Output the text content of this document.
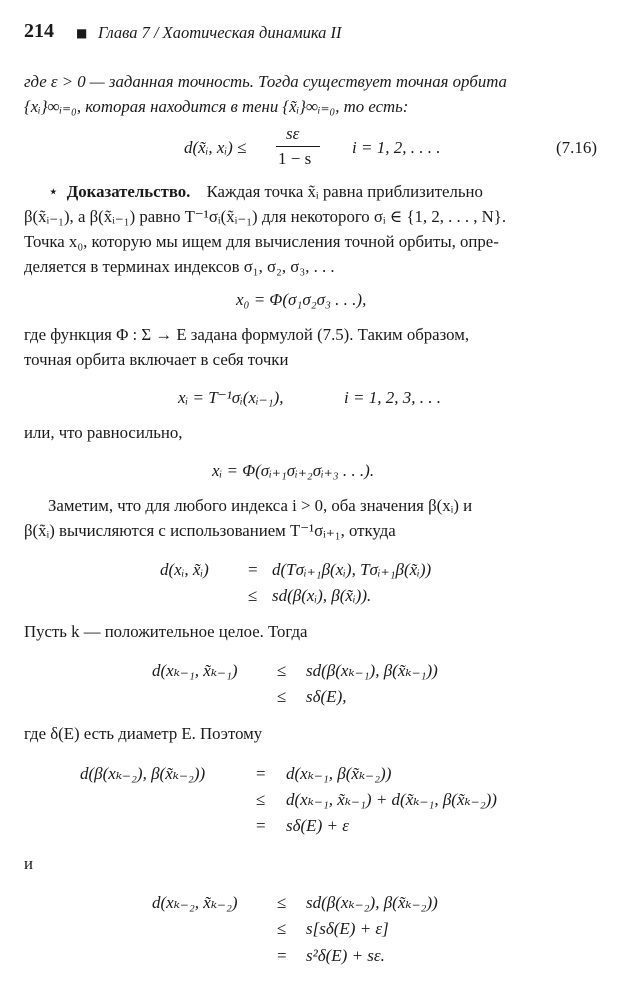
214 ■ Глава 7 / Хаотическая динамика II
где ε > 0 — заданная точность. Тогда существует точная орбита
{xᵢ}∞ᵢ₌₀, которая находится в тени {x̃ᵢ}∞ᵢ₌₀, то есть:
d(x̃ᵢ, xᵢ) ≤
sε
1 − s
i = 1, 2, . . . .	(7.16)
⋆ Доказательство. Каждая точка x̃ᵢ равна приблизительно
β(x̃ᵢ₋₁), а β(x̃ᵢ₋₁) равно T⁻¹σᵢ(x̃ᵢ₋₁) для некоторого σᵢ ∈ {1, 2, . . . , N}.
Точка x₀, которую мы ищем для вычисления точной орбиты, опре-
деляется в терминах индексов σ₁, σ₂, σ₃, . . .
x₀ = Φ(σ₁σ₂σ₃ . . .),
где функция Φ : Σ → E задана формулой (7.5). Таким образом,
точная орбита включает в себя точки
xᵢ = T⁻¹σᵢ(xᵢ₋₁),	i = 1, 2, 3, . . .
или, что равносильно,
xᵢ = Φ(σᵢ₊₁σᵢ₊₂σᵢ₊₃ . . .).
Заметим, что для любого индекса i > 0, оба значения β(xᵢ) и
β(x̃ᵢ) вычисляются с использованием T⁻¹σᵢ₊₁, откуда
d(xᵢ, x̃ᵢ) = d(Tσᵢ₊₁β(xᵢ), Tσᵢ₊₁β(x̃ᵢ))
≤ sd(β(xᵢ), β(x̃ᵢ)).
Пусть k — положительное целое. Тогда
d(xₖ₋₁, x̃ₖ₋₁) ≤ sd(β(xₖ₋₁), β(x̃ₖ₋₁))
≤ sδ(E),
где δ(E) есть диаметр E. Поэтому
d(β(xₖ₋₂), β(x̃ₖ₋₂))	= d(xₖ₋₁, β(x̃ₖ₋₂))
≤ d(xₖ₋₁, x̃ₖ₋₁) + d(x̃ₖ₋₁, β(x̃ₖ₋₂))
= sδ(E) + ε
и
d(xₖ₋₂, x̃ₖ₋₂) ≤ sd(β(xₖ₋₂), β(x̃ₖ₋₂))
≤ s[sδ(E) + ε]
= s²δ(E) + sε.
